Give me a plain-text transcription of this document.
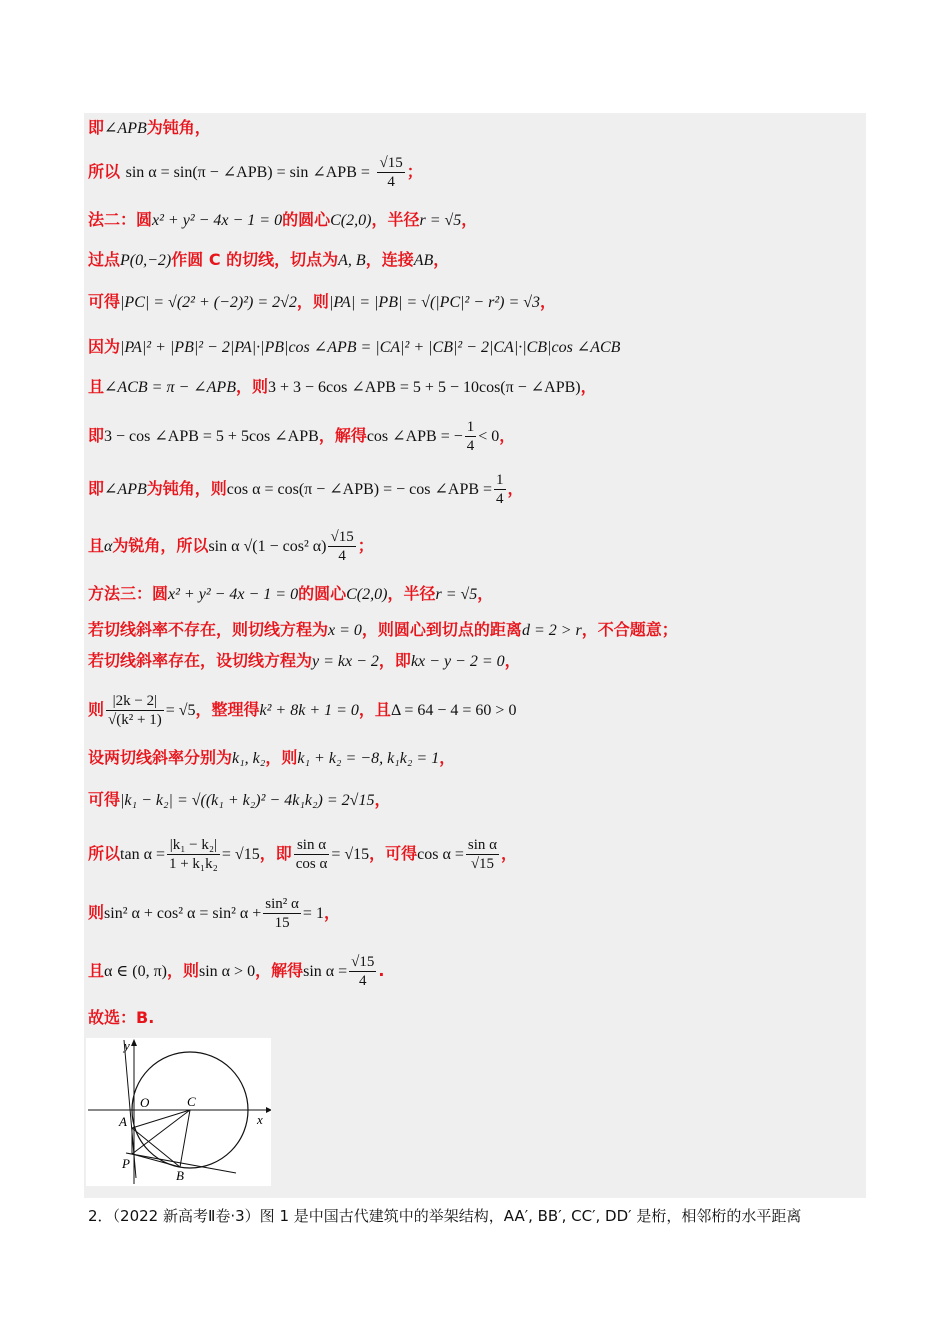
即∠APB为钝角，
所以 sin α = sin(π − ∠APB) = sin ∠APB = $\frac{√15}{4}$ ；
法二：圆x² + y² − 4x − 1 = 0的圆心C(2,0)，半径r = √5，
过点P(0,−2)作圆 C 的切线，切点为A, B，连接AB，
可得|PC| = √(2² + (−2)²) = 2√2，则|PA| = |PB| = √(|PC|² − r²) = √3，
因为|PA|² + |PB|² − 2|PA|·|PB|cos ∠APB = |CA|² + |CB|² − 2|CA|·|CB|cos ∠ACB
且∠ACB = π − ∠APB，则3 + 3 − 6cos ∠APB = 5 + 5 − 10cos(π − ∠APB)，
即3 − cos ∠APB = 5 + 5cos ∠APB，解得cos ∠APB = − $\frac{1}{4} < 0$，
即∠APB为钝角，则cos α = cos(π − ∠APB) = − cos ∠APB = $\frac{1}{4}$ ，
且α为锐角，所以sin α √(1 − cos² $\alpha) \frac{√15}{4}$ ；
方法三：圆x² + y² − 4x − 1 = 0的圆心C(2,0)，半径r = √5，
若切线斜率不存在，则切线方程为x = 0，则圆心到切点的距离d = 2 > r，不合题意；
若切线斜率存在，设切线方程为y = kx − 2，即kx − y − 2 = 0，
则 $\frac{|2k - 2|}{\text{√(k² + 1)}} = √5$，整理得k² + 8k + 1 = 0，且Δ = 64 − 4 = 60 > 0
设两切线斜率分别为k₁, k₂，则k₁ + k₂ = −8, k₁k₂ = 1，
可得|k₁ − k₂| = √((k₁ + k₂)² − 4k₁k₂) = 2√15，
所以$\tan \alpha = \frac{\text{|k₁ − k₂|}}{\text{1 + k₁k₂}} = √15$，即 $\frac{\text{sin α}}{\text{cos α}} = √15$，可得$\cos \alpha = \frac{\text{sin α}}{√15}$ ，
则sin² α + cos² α = sin² $\alpha + \frac{\text{sin² α}}{15} = 1$，
且α ∈ (0, π)，则sin α > 0，解得$\sin \alpha = \frac{√15}{4}$ .
故选：B.
y
x
O	C
A
P
B
2．（2022 新高考Ⅱ卷·3）图 1 是中国古代建筑中的举架结构，AA′, BB′, CC′, DD′ 是桁，相邻桁的水平距离
